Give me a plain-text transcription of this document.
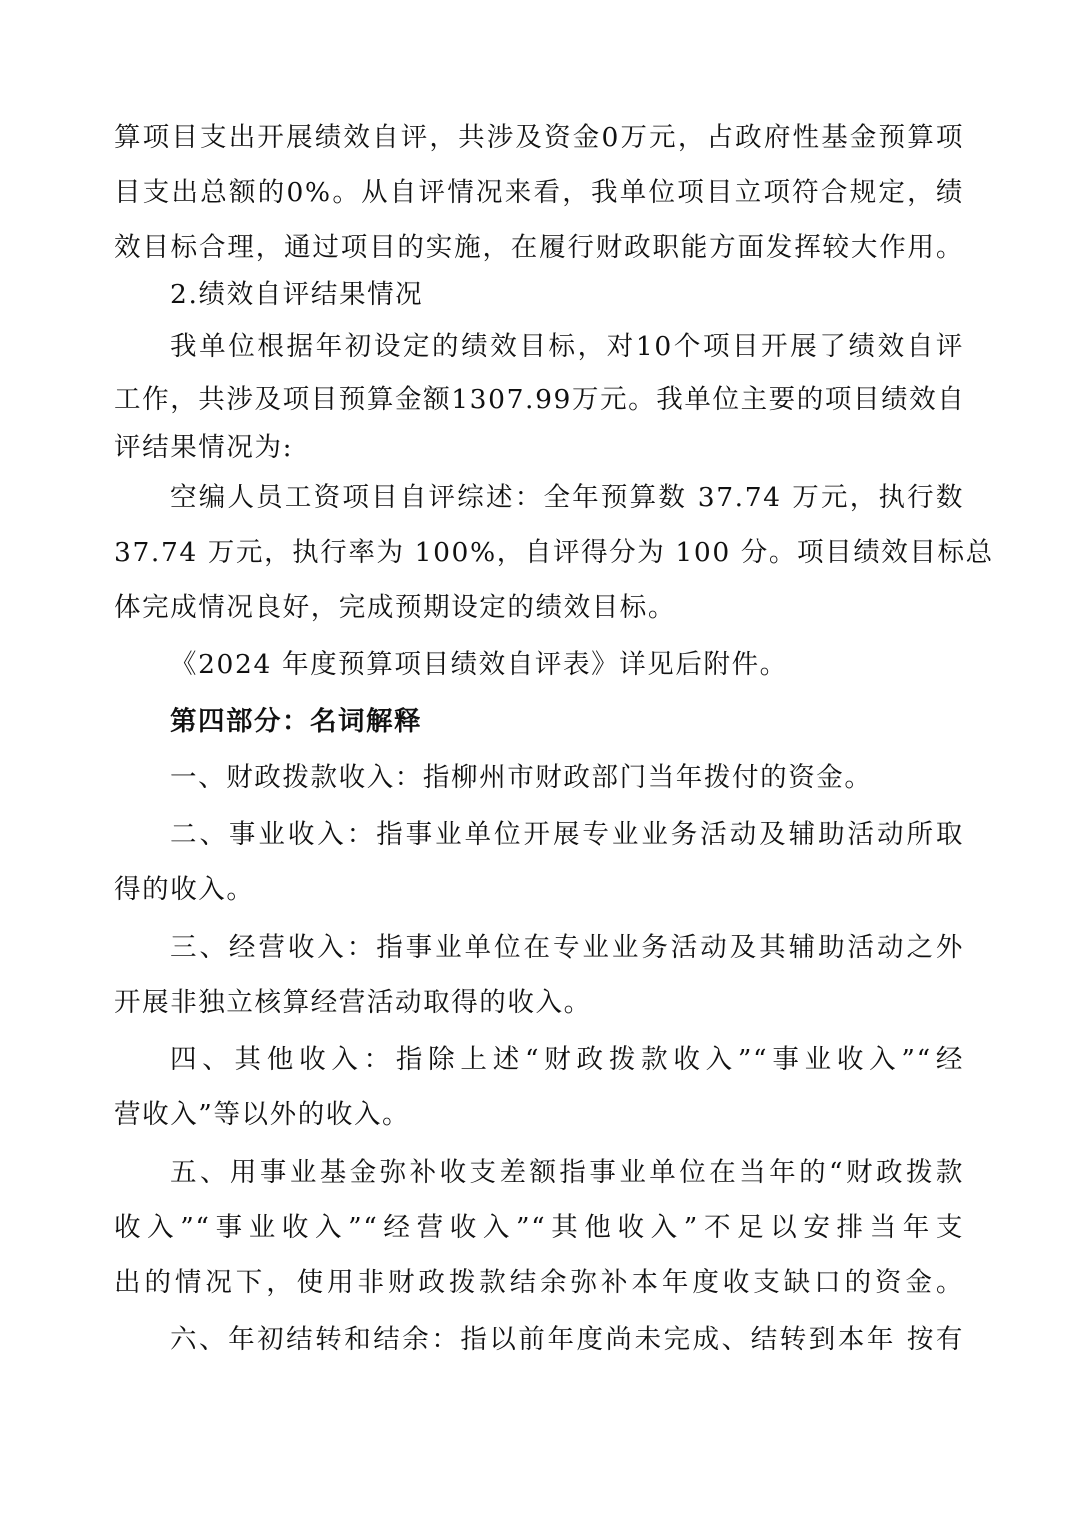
算项目支出开展绩效自评，共涉及资金0万元，占政府性基金预算项
目支出总额的0%。从自评情况来看，我单位项目立项符合规定，绩
效目标合理，通过项目的实施，在履行财政职能方面发挥较大作用。
2.绩效自评结果情况
我单位根据年初设定的绩效目标，对10个项目开展了绩效自评
工作，共涉及项目预算金额1307.99万元。我单位主要的项目绩效自
评结果情况为:
空编人员工资项目自评综述：全年预算数 37.74 万元，执行数
37.74 万元，执行率为 100%，自评得分为 100 分。项目绩效目标总
体完成情况良好，完成预期设定的绩效目标。
《2024 年度预算项目绩效自评表》详见后附件。
第四部分：名词解释
一、财政拨款收入：指柳州市财政部门当年拨付的资金。
二、事业收入：指事业单位开展专业业务活动及辅助活动所取
得的收入。
三、经营收入：指事业单位在专业业务活动及其辅助活动之外
开展非独立核算经营活动取得的收入。
四、其他收入：指除上述“财政拨款收入”“事业收入”“经
营收入”等以外的收入。
五、用事业基金弥补收支差额指事业单位在当年的“财政拨款
收入”“事业收入”“经营收入”“其他收入”不足以安排当年支
出的情况下，使用非财政拨款结余弥补本年度收支缺口的资金。
六、年初结转和结余：指以前年度尚未完成、结转到本年 按有
